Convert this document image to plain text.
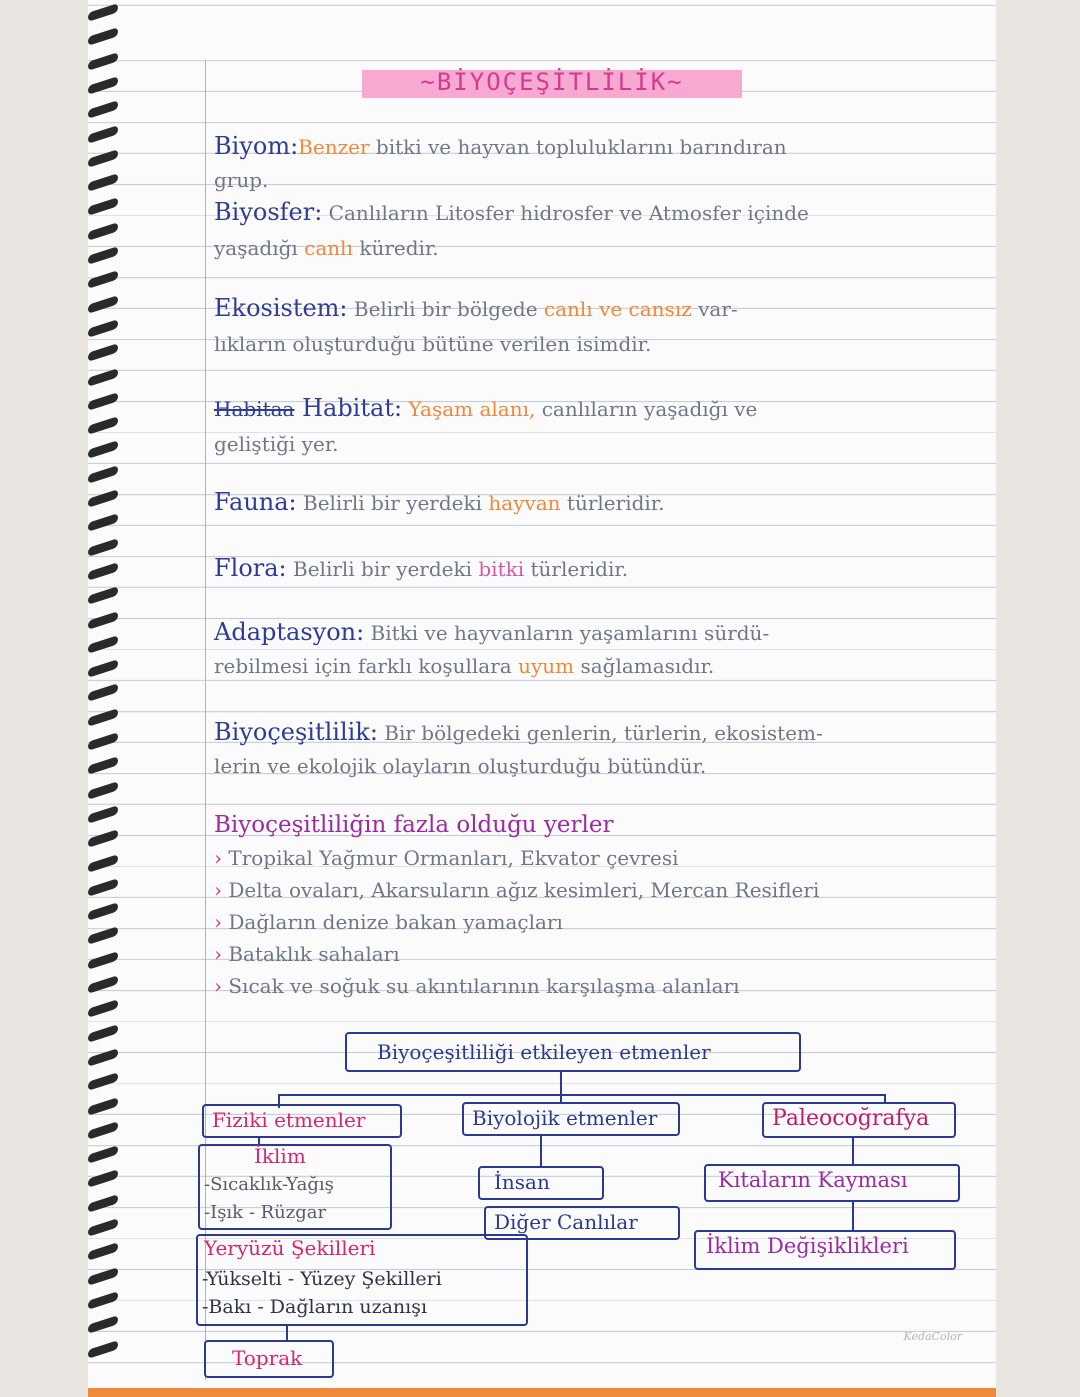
~BİYOÇEŞİTLİLİK~
Biyom:Benzer bitki ve hayvan topluluklarını barındıran
grup.
Biyosfer: Canlıların Litosfer hidrosfer ve Atmosfer içinde
yaşadığı canlı küredir.
Ekosistem: Belirli bir bölgede canlı ve cansız var-
lıkların oluşturduğu bütüne verilen isimdir.
Habitaa Habitat: Yaşam alanı, canlıların yaşadığı ve
geliştiği yer.
Fauna: Belirli bir yerdeki hayvan türleridir.
Flora: Belirli bir yerdeki bitki türleridir.
Adaptasyon: Bitki ve hayvanların yaşamlarını sürdü-
rebilmesi için farklı koşullara uyum sağlamasıdır.
Biyoçeşitlilik: Bir bölgedeki genlerin, türlerin, ekosistem-
lerin ve ekolojik olayların oluşturduğu bütündür.
Biyoçeşitliliğin fazla olduğu yerler
› Tropikal Yağmur Ormanları, Ekvator çevresi
› Delta ovaları, Akarsuların ağız kesimleri, Mercan Resifleri
› Dağların denize bakan yamaçları
› Bataklık sahaları
› Sıcak ve soğuk su akıntılarının karşılaşma alanları
Biyoçeşitliliği etkileyen etmenler
Fiziki etmenler	Biyolojik etmenler	Paleocoğrafya
İklim
-Sıcaklık-Yağış
-Işık - Rüzgar
Yeryüzü Şekilleri
-Yükselti - Yüzey Şekilleri
-Bakı - Dağların uzanışı
Toprak
İnsan
Diğer Canlılar
Kıtaların Kayması
İklim Değişiklikleri
KedaColor
